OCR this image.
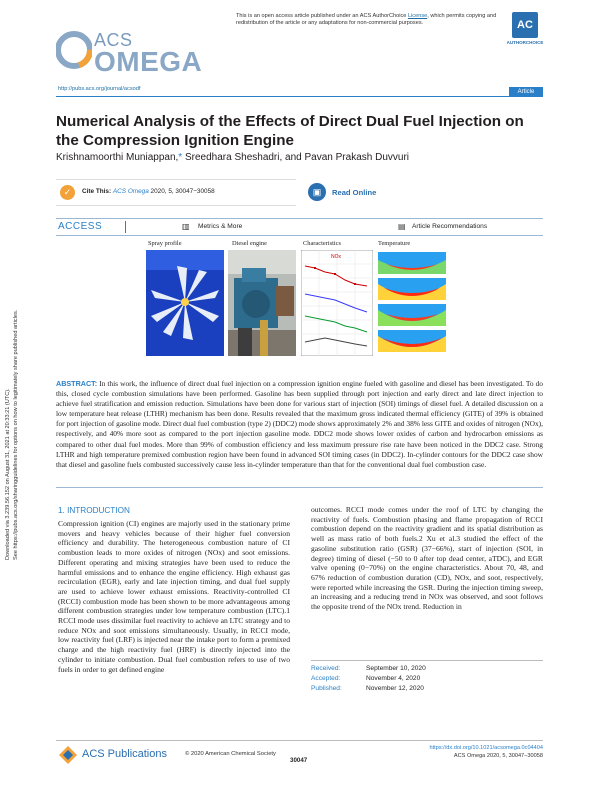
ACS
OMEGA
This is an open access article published under an ACS AuthorChoice License, which permits copying and redistribution of the article or any adaptations for non-commercial purposes.	AC
AUTHORCHOICE
http://pubs.acs.org/journal/acsodf	Article
Numerical Analysis of the Effects of Direct Dual Fuel Injection on the Compression Ignition Engine
Krishnamoorthi Muniappan,* Sreedhara Sheshadri, and Pavan Prakash Duvvuri
✓	Cite This: ACS Omega 2020, 5, 30047−30058	▣	Read Online
ACCESS	▥ Metrics & More	▤ Article Recommendations
Spray profile	Diesel engine	Characteristics	Temperature
NOx
ABSTRACT: In this work, the influence of direct dual fuel injection on a compression ignition engine fueled with gasoline and diesel has been investigated. To do this, closed cycle combustion simulations have been performed. Gasoline has been supplied through port injection and early direct and late direct injection to achieve fuel stratification and emission reduction. Simulations have been done for various start of injection (SOI) timings of diesel fuel. A detailed discussion on a low temperature heat release (LTHR) mechanism has been done. Results revealed that the maximum gross indicated thermal efficiency (GITE) of 39% is obtained for port injection of gasoline mode. Direct dual fuel combustion (type 2) (DDC2) mode shows approximately 2% and 38% less GITE and oxides of nitrogen (NOx), respectively, and 40% more soot as compared to the port injection gasoline mode. DDC2 mode shows lower oxides of carbon and hydrocarbon emissions as compared to other dual fuel modes. More than 99% of combustion efficiency and less maximum pressure rise rate have been noticed in the DDC2 case. Strong LTHR and high temperature premixed combustion region have been found in advanced SOI timing cases (in DDC2). In-cylinder contours for the DDC2 case show that diesel and gasoline fuels combusted successively cause less in-cylinder temperature than that for the conventional dual fuel combustion case.
Downloaded via 3.239.56.152 on August 31, 2021 at 20:33:21 (UTC). See https://pubs.acs.org/sharingguidelines for options on how to legitimately share published articles.	1. INTRODUCTION
Compression ignition (CI) engines are majorly used in the stationary prime movers and heavy vehicles because of their higher fuel conversion efficiency and durability. The heterogeneous combustion nature of CI combustion leads to more oxides of nitrogen (NOx) and soot emissions. Different operating and mixing strategies have been used to reduce the harmful emissions and to enhance the engine efficiency. High exhaust gas recirculation (EGR), early and late injection timing, and dual fuel supply are used to achieve lower exhaust emissions. Reactivity-controlled CI (RCCI) combustion mode has been shown to be more advantageous among different combustion strategies under low temperature combustion (LTC).1 RCCI mode uses dissimilar fuel reactivity to achieve an LTC strategy and to reduce NOx and soot emissions simultaneously. Usually, in RCCI mode, low reactivity fuel (LRF) is injected near the intake port to form a premixed charge and the high reactivity fuel (HRF) is directly injected into the cylinder to initiate combustion. Dual fuel combustion refers to use of two fuels in order to get defined engine
outcomes. RCCI mode comes under the roof of LTC by changing the reactivity of fuels. Combustion phasing and flame propagation of RCCI combustion depend on the reactivity gradient and its spatial distribution as well as mass ratio of both fuels.2 Xu et al.3 studied the effect of the gasoline substitution ratio (GSR) (37−66%), start of injection (SOI, in degree) timing of diesel (−50 to 0 after top dead center, aTDC), and EGR valve opening (0−70%) on the engine characteristics. About 70, 48, and 67% reduction of combustion duration (CD), NOx, and soot, respectively, were reported while increasing the GSR. During the injection timing sweep, an increasing and a reducing trend in NOx was observed, and soot follows the opposite trend of the NOx trend. Reduction in
Received:	September 10, 2020
Accepted:	November 4, 2020
Published:	November 12, 2020
ACS Publications	© 2020 American Chemical Society
30047
https://dx.doi.org/10.1021/acsomega.0c04404
ACS Omega 2020, 5, 30047−30058
